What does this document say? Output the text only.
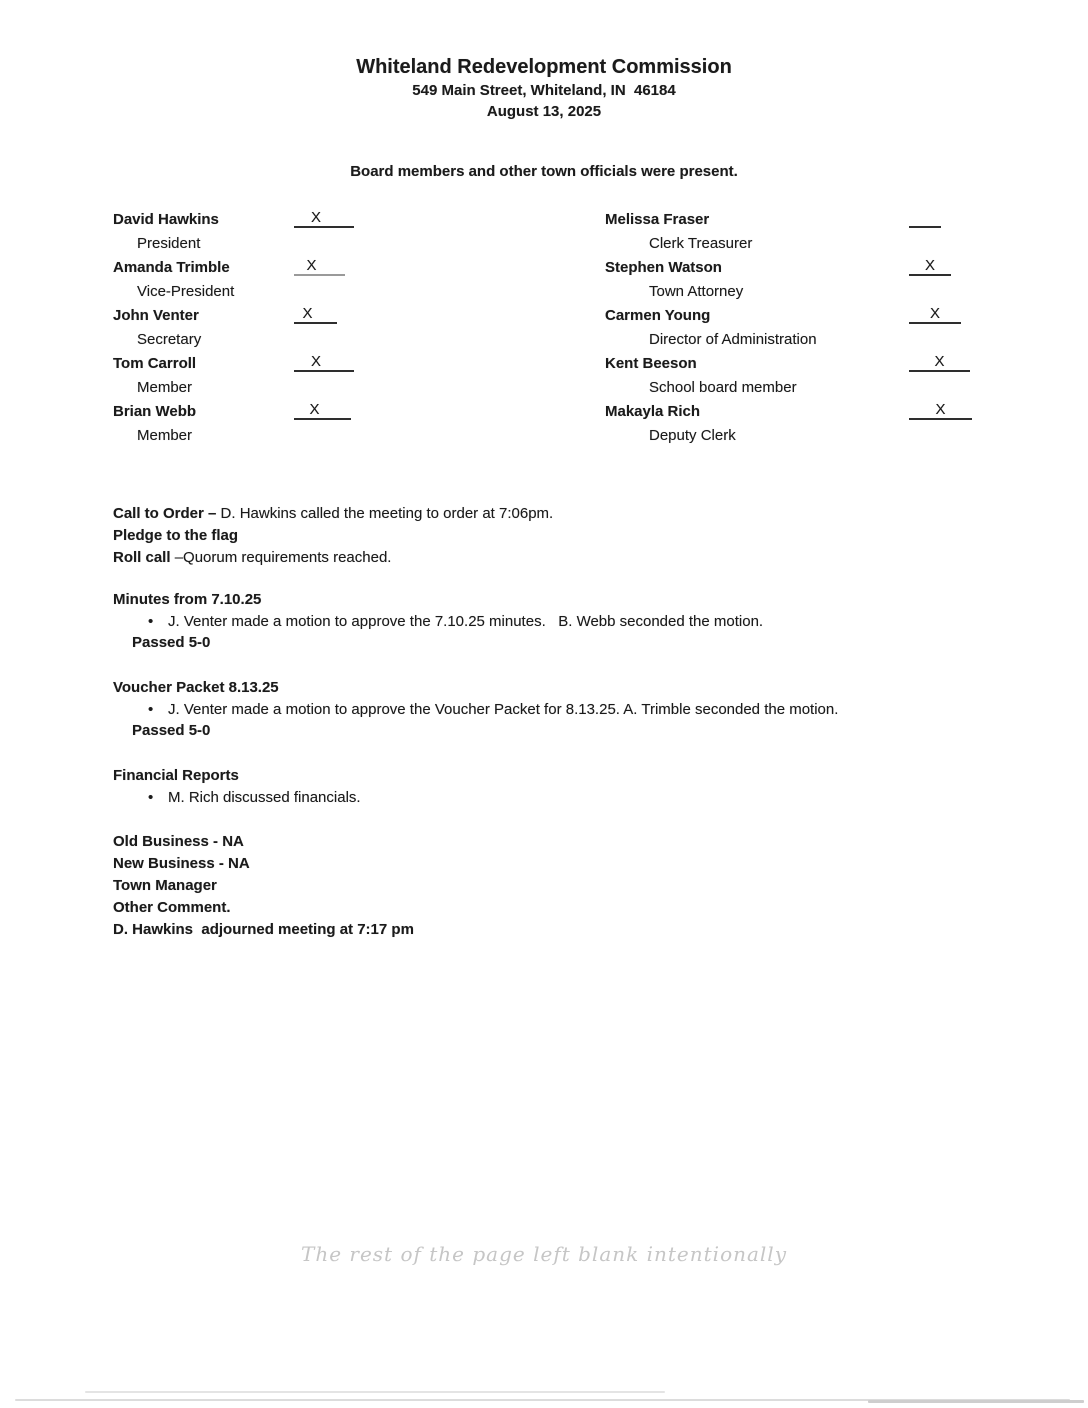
Whiteland Redevelopment Commission
549 Main Street, Whiteland, IN  46184
August 13, 2025
Board members and other town officials were present.
David Hawkins	X
President
Amanda Trimble	X
Vice-President
John Venter	X
Secretary
Tom Carroll	X
Member
Brian Webb	X
Member
Melissa Fraser
Clerk Treasurer
Stephen Watson	X
Town Attorney
Carmen Young	X
Director of Administration
Kent Beeson	X
School board member
Makayla Rich	X
Deputy Clerk

Call to Order – D. Hawkins called the meeting to order at 7:06pm.

Pledge to the flag

Roll call –Quorum requirements reached.

Minutes from 7.10.25
• J. Venter made a motion to approve the 7.10.25 minutes.   B. Webb seconded the motion.
Passed 5-0
Voucher Packet 8.13.25
• J. Venter made a motion to approve the Voucher Packet for 8.13.25. A. Trimble seconded the motion.
Passed 5-0
Financial Reports
• M. Rich discussed financials.

Old Business - NA

New Business - NA

Town Manager

Other Comment.

D. Hawkins  adjourned meeting at 7:17 pm

The rest of the page left blank intentionally
